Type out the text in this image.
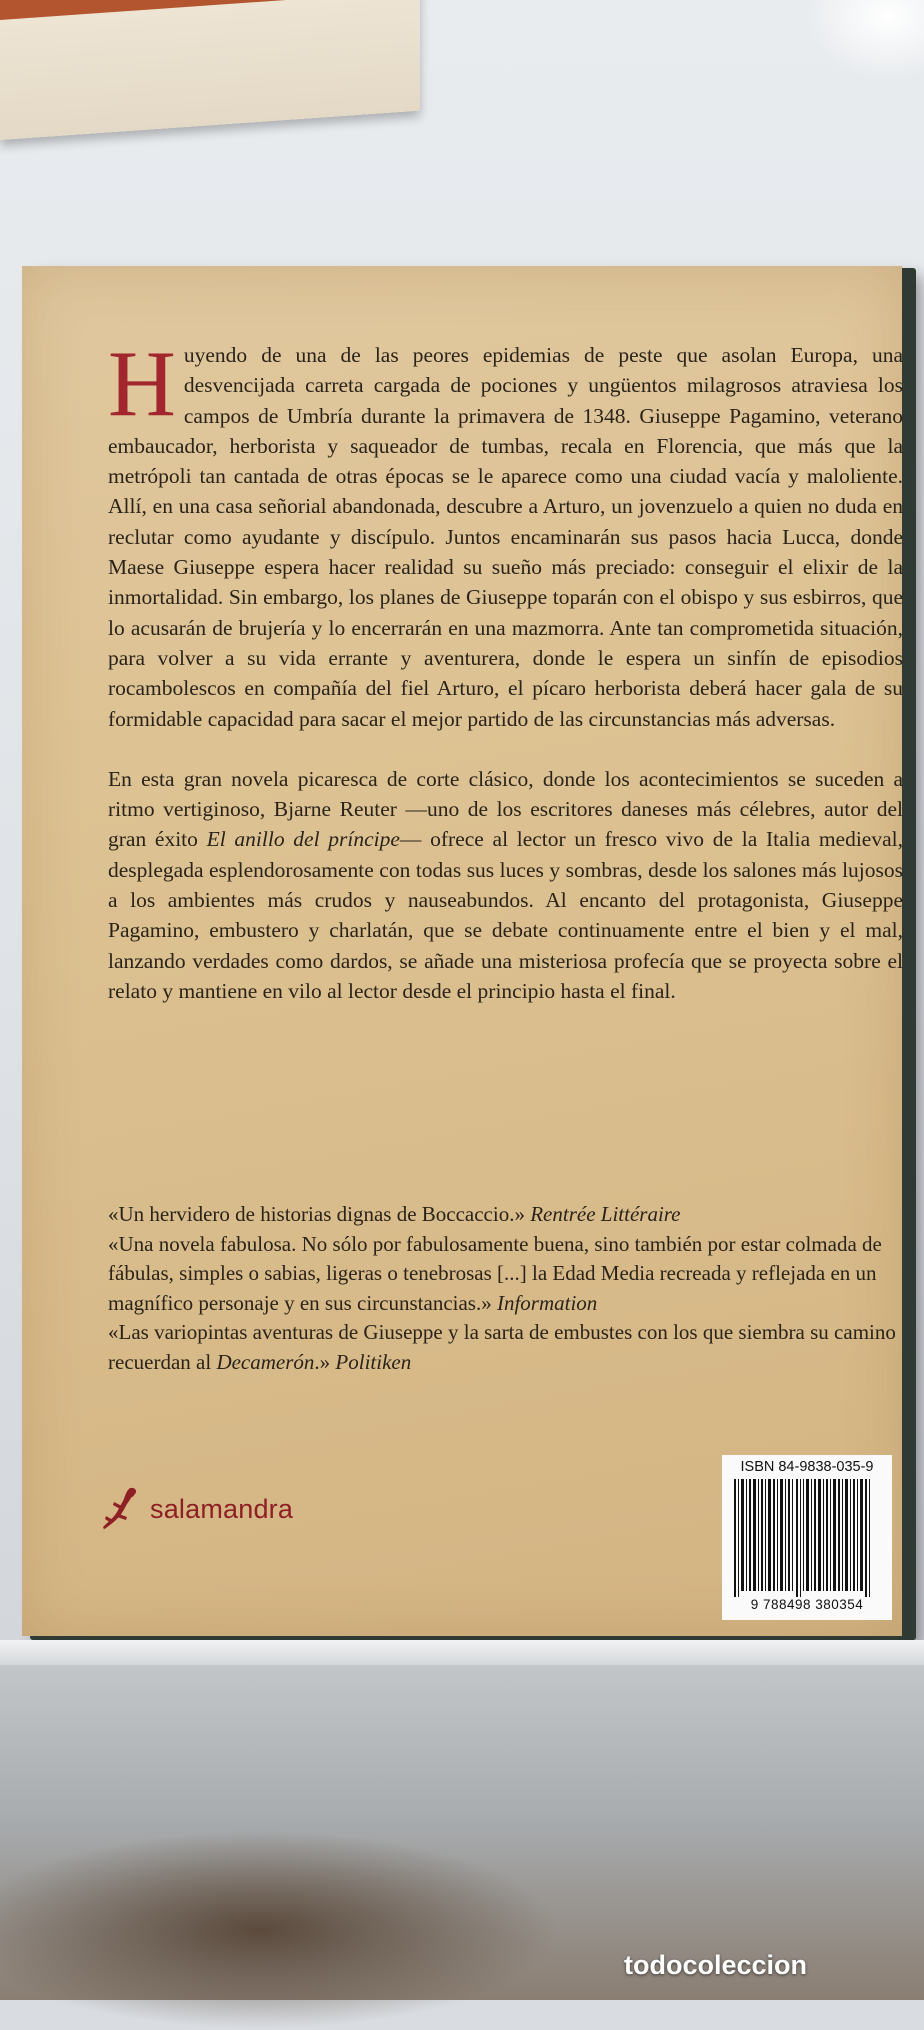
Huyendo de una de las peores epidemias de peste que asolan Europa, una desvencijada carreta cargada de pociones y ungüentos milagrosos atraviesa los campos de Umbría durante la primavera de 1348. Giuseppe Pagamino, veterano embaucador, herborista y saqueador de tumbas, recala en Florencia, que más que la metrópoli tan cantada de otras épocas se le aparece como una ciudad vacía y maloliente. Allí, en una casa señorial abandonada, descubre a Arturo, un jovenzuelo a quien no duda en reclutar como ayudante y discípulo. Juntos encaminarán sus pasos hacia Lucca, donde Maese Giuseppe espera hacer realidad su sueño más preciado: conseguir el elixir de la inmortalidad. Sin embargo, los planes de Giuseppe toparán con el obispo y sus esbirros, que lo acusarán de brujería y lo encerrarán en una mazmorra. Ante tan comprometida situación, para volver a su vida errante y aventurera, donde le espera un sinfín de episodios rocambolescos en compañía del fiel Arturo, el pícaro herborista deberá hacer gala de su formidable capacidad para sacar el mejor partido de las circunstancias más adversas.

En esta gran novela picaresca de corte clásico, donde los acontecimientos se suceden a ritmo vertiginoso, Bjarne Reuter —uno de los escritores daneses más célebres, autor del gran éxito El anillo del príncipe— ofrece al lector un fresco vivo de la Italia medieval, desplegada esplendorosamente con todas sus luces y sombras, desde los salones más lujosos a los ambientes más crudos y nauseabundos. Al encanto del protagonista, Giuseppe Pagamino, embustero y charlatán, que se debate continuamente entre el bien y el mal, lanzando verdades como dardos, se añade una misteriosa profecía que se proyecta sobre el relato y mantiene en vilo al lector desde el principio hasta el final.

«Un hervidero de historias dignas de Boccaccio.» Rentrée Littéraire

«Una novela fabulosa. No sólo por fabulosamente buena, sino también por estar colmada de fábulas, simples o sabias, ligeras o tenebrosas [...] la Edad Media recreada y reflejada en un magnífico personaje y en sus circunstancias.» Information

«Las variopintas aventuras de Giuseppe y la sarta de embustes con los que siembra su camino recuerdan al Decamerón.» Politiken

salamandra
ISBN 84-9838-035-9
9 788498 380354
todocoleccion
